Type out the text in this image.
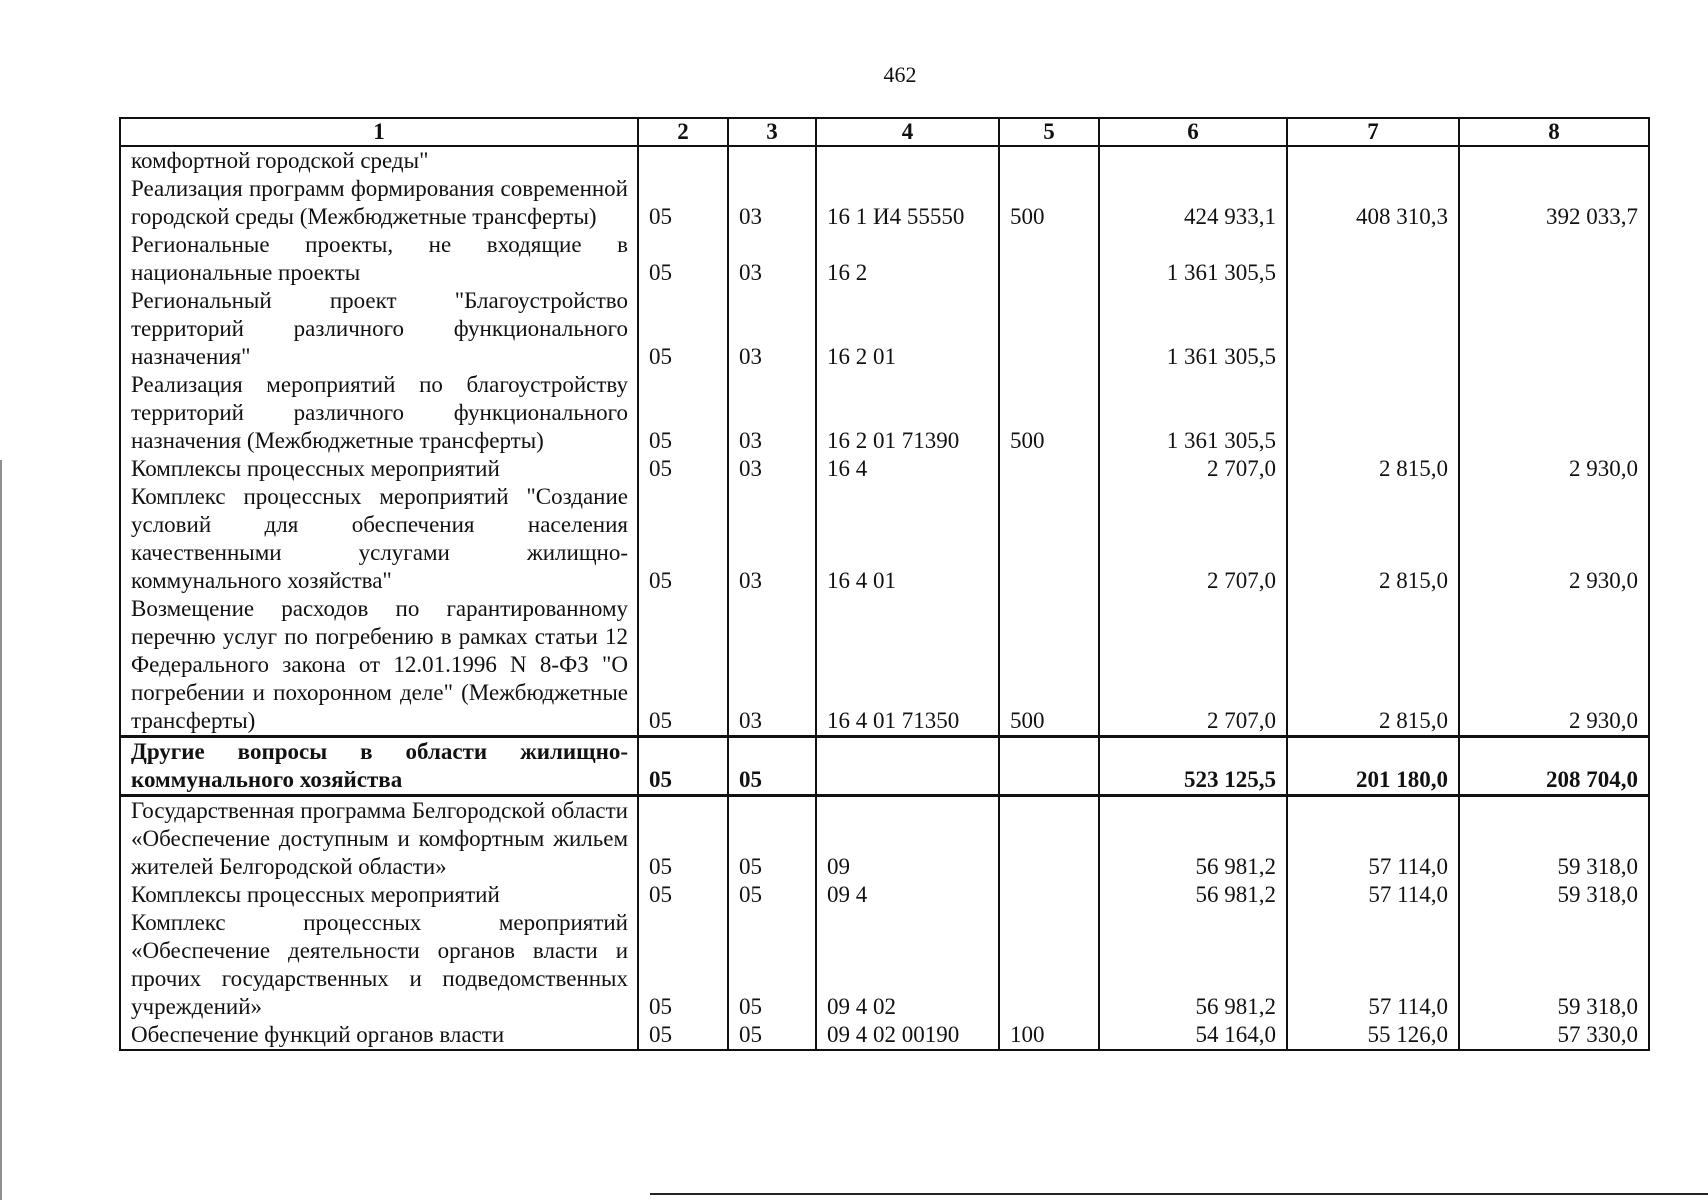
462
1	2	3	4	5	6	7	8
комфортной городской среды"							
Реализация программ формирования современной городской среды (Межбюджетные трансферты)	05	03	16 1 И4 55550	500	424 933,1	408 310,3	392 033,7
Региональные проекты, не входящие в национальные проекты	05	03	16 2		1 361 305,5		
Региональный проект "Благоустройство территорий различного функционального назначения"	05	03	16 2 01		1 361 305,5		
Реализация мероприятий по благоустройству территорий различного функционального назначения (Межбюджетные трансферты)	05	03	16 2 01 71390	500	1 361 305,5		
Комплексы процессных мероприятий	05	03	16 4		2 707,0	2 815,0	2 930,0
Комплекс процессных мероприятий "Создание условий для обеспечения населения качественными услугами жилищно-коммунального хозяйства"	05	03	16 4 01		2 707,0	2 815,0	2 930,0
Возмещение расходов по гарантированному перечню услуг по погребению в рамках статьи 12 Федерального закона от 12.01.1996 N 8-ФЗ "О погребении и похоронном деле" (Межбюджетные трансферты)	05	03	16 4 01 71350	500	2 707,0	2 815,0	2 930,0
Другие вопросы в области жилищно-коммунального хозяйства	05	05			523 125,5	201 180,0	208 704,0
Государственная программа Белгородской области «Обеспечение доступным и комфортным жильем жителей Белгородской области»	05	05	09		56 981,2	57 114,0	59 318,0
Комплексы процессных мероприятий	05	05	09 4		56 981,2	57 114,0	59 318,0
Комплекс процессных мероприятий «Обеспечение деятельности органов власти и прочих государственных и подведомственных учреждений»	05	05	09 4 02		56 981,2	57 114,0	59 318,0
Обеспечение функций органов власти	05	05	09 4 02 00190	100	54 164,0	55 126,0	57 330,0
